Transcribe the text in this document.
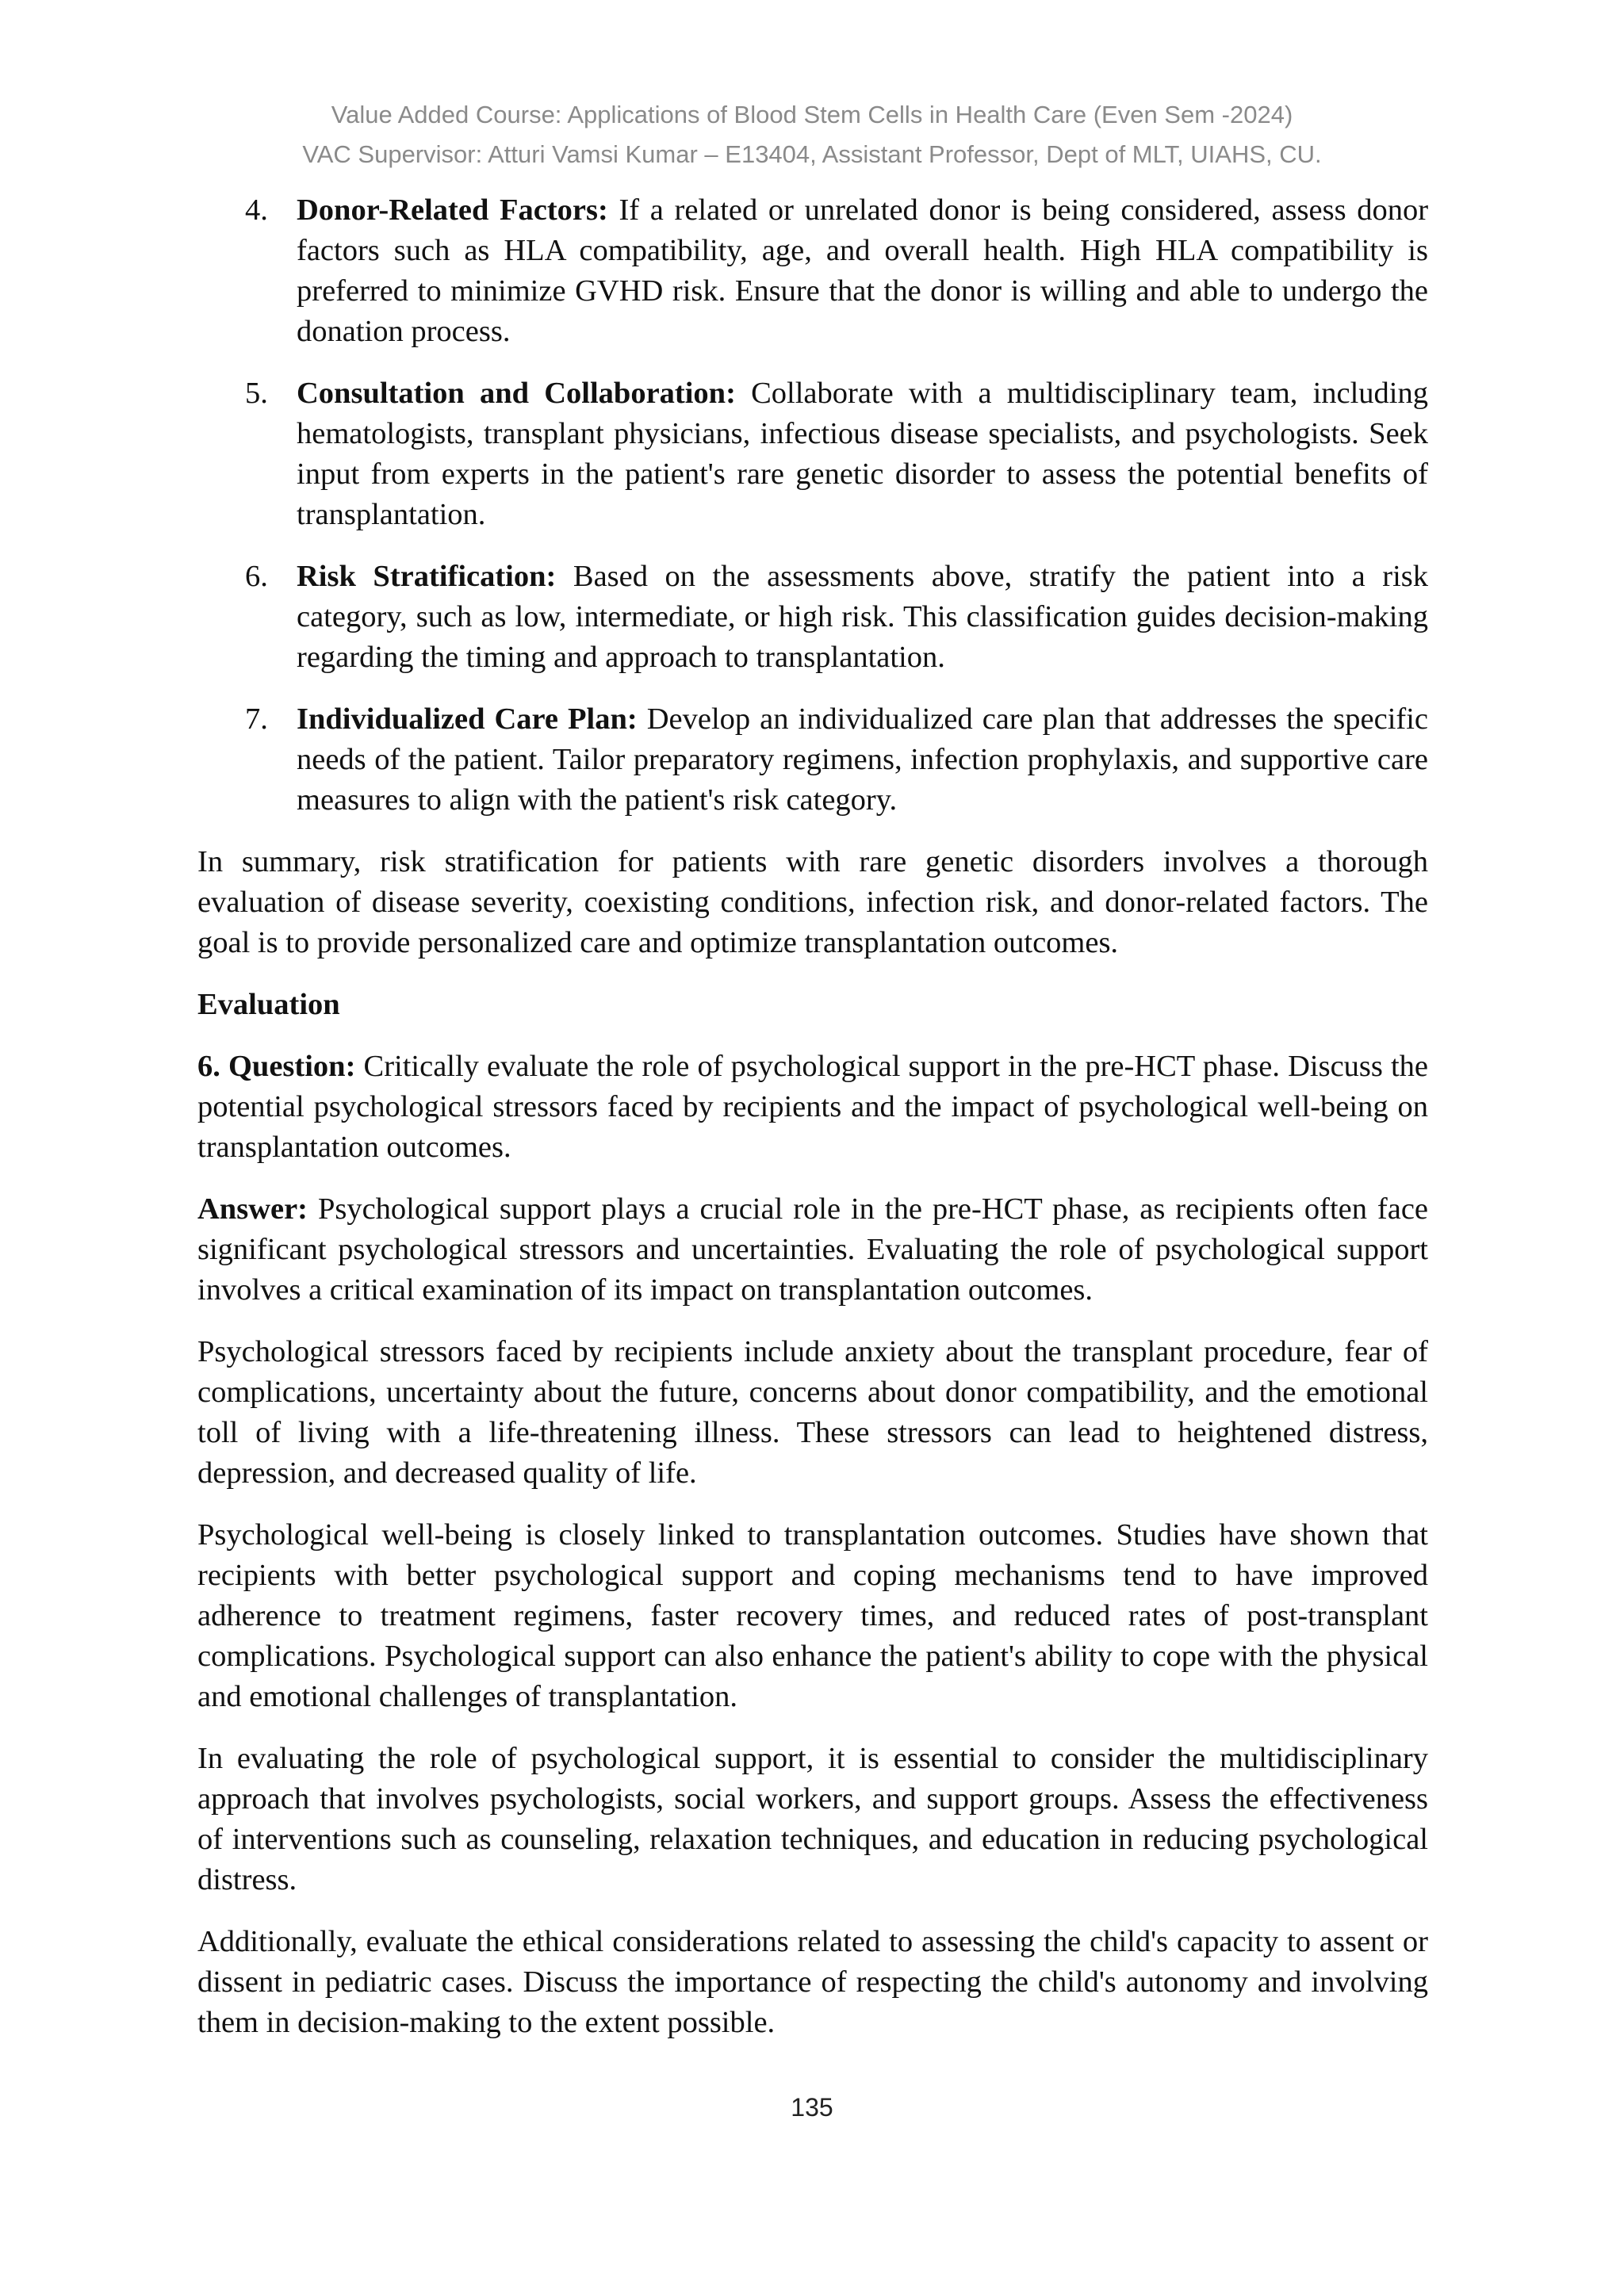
Value Added Course: Applications of Blood Stem Cells in Health Care (Even Sem -2024)
VAC Supervisor: Atturi Vamsi Kumar – E13404, Assistant Professor, Dept of MLT, UIAHS, CU.
4. Donor-Related Factors: If a related or unrelated donor is being considered, assess donor factors such as HLA compatibility, age, and overall health. High HLA compatibility is preferred to minimize GVHD risk. Ensure that the donor is willing and able to undergo the donation process.
5. Consultation and Collaboration: Collaborate with a multidisciplinary team, including hematologists, transplant physicians, infectious disease specialists, and psychologists. Seek input from experts in the patient's rare genetic disorder to assess the potential benefits of transplantation.
6. Risk Stratification: Based on the assessments above, stratify the patient into a risk category, such as low, intermediate, or high risk. This classification guides decision-making regarding the timing and approach to transplantation.
7. Individualized Care Plan: Develop an individualized care plan that addresses the specific needs of the patient. Tailor preparatory regimens, infection prophylaxis, and supportive care measures to align with the patient's risk category.

In summary, risk stratification for patients with rare genetic disorders involves a thorough evaluation of disease severity, coexisting conditions, infection risk, and donor-related factors. The goal is to provide personalized care and optimize transplantation outcomes.

Evaluation

6. Question: Critically evaluate the role of psychological support in the pre-HCT phase. Discuss the potential psychological stressors faced by recipients and the impact of psychological well-being on transplantation outcomes.

Answer: Psychological support plays a crucial role in the pre-HCT phase, as recipients often face significant psychological stressors and uncertainties. Evaluating the role of psychological support involves a critical examination of its impact on transplantation outcomes.

Psychological stressors faced by recipients include anxiety about the transplant procedure, fear of complications, uncertainty about the future, concerns about donor compatibility, and the emotional toll of living with a life-threatening illness. These stressors can lead to heightened distress, depression, and decreased quality of life.

Psychological well-being is closely linked to transplantation outcomes. Studies have shown that recipients with better psychological support and coping mechanisms tend to have improved adherence to treatment regimens, faster recovery times, and reduced rates of post-transplant complications. Psychological support can also enhance the patient's ability to cope with the physical and emotional challenges of transplantation.

In evaluating the role of psychological support, it is essential to consider the multidisciplinary approach that involves psychologists, social workers, and support groups. Assess the effectiveness of interventions such as counseling, relaxation techniques, and education in reducing psychological distress.

Additionally, evaluate the ethical considerations related to assessing the child's capacity to assent or dissent in pediatric cases. Discuss the importance of respecting the child's autonomy and involving them in decision-making to the extent possible.

135
